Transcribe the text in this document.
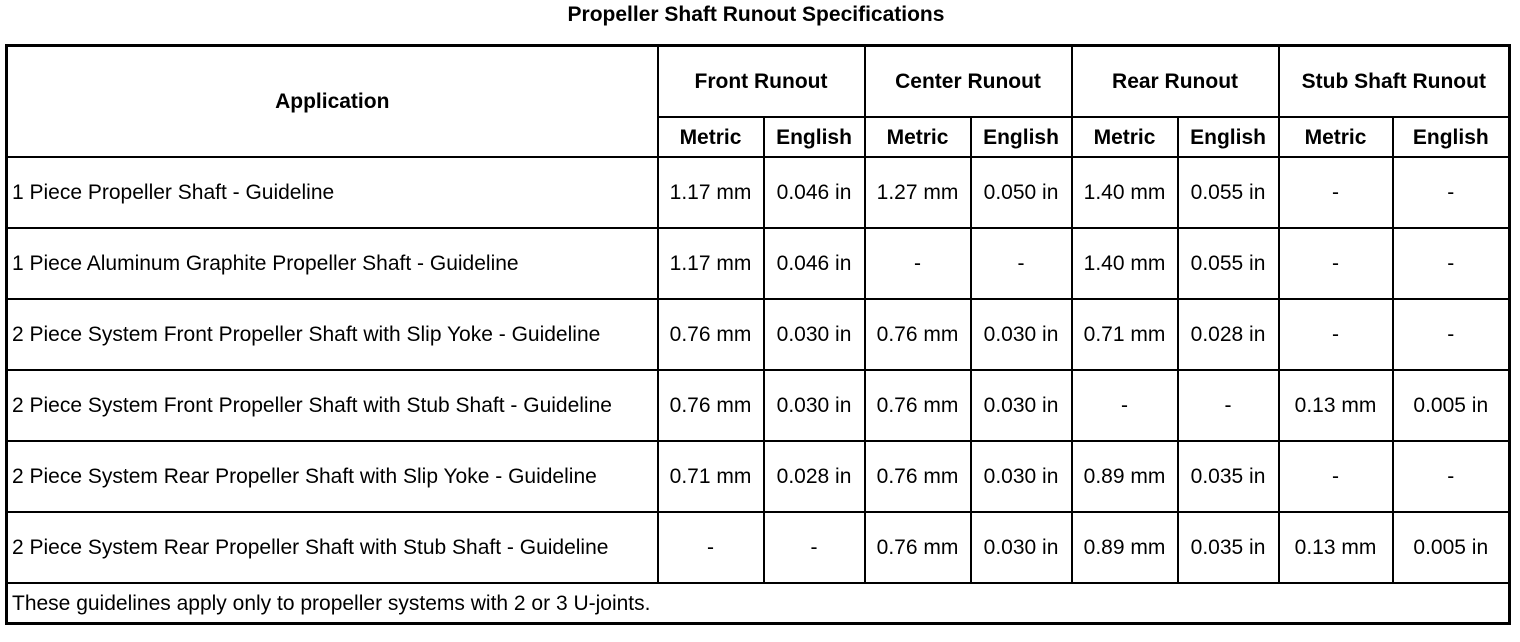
Propeller Shaft Runout Specifications
Application	Front Runout		Center Runout		Rear Runout		Stub Shaft Runout	
	Metric	English	Metric	English	Metric	English	Metric	English
1 Piece Propeller Shaft - Guideline	1.17 mm	0.046 in	1.27 mm	0.050 in	1.40 mm	0.055 in	-	-
1 Piece Aluminum Graphite Propeller Shaft - Guideline	1.17 mm	0.046 in	-	-	1.40 mm	0.055 in	-	-
2 Piece System Front Propeller Shaft with Slip Yoke - Guideline	0.76 mm	0.030 in	0.76 mm	0.030 in	0.71 mm	0.028 in	-	-
2 Piece System Front Propeller Shaft with Stub Shaft - Guideline	0.76 mm	0.030 in	0.76 mm	0.030 in	-	-	0.13 mm	0.005 in
2 Piece System Rear Propeller Shaft with Slip Yoke - Guideline	0.71 mm	0.028 in	0.76 mm	0.030 in	0.89 mm	0.035 in	-	-
2 Piece System Rear Propeller Shaft with Stub Shaft - Guideline	-	-	0.76 mm	0.030 in	0.89 mm	0.035 in	0.13 mm	0.005 in
These guidelines apply only to propeller systems with 2 or 3 U-joints.								
